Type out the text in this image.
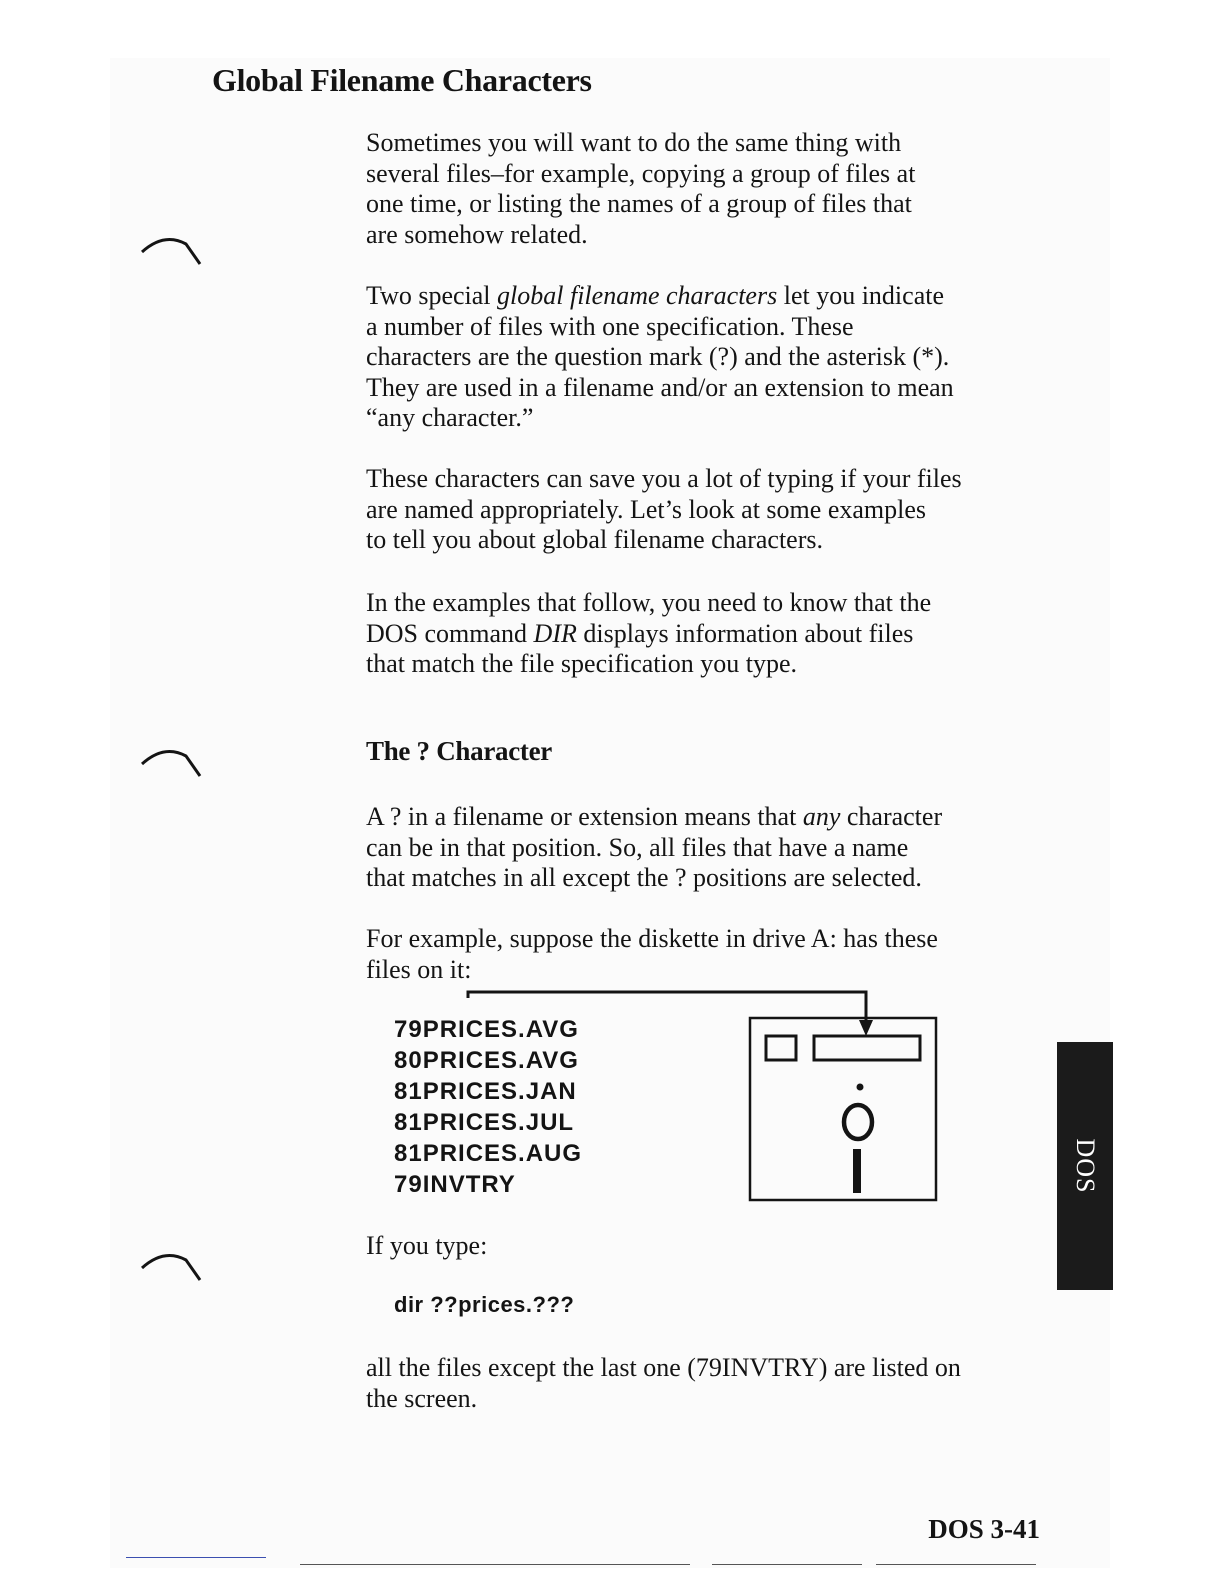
Global Filename Characters

Sometimes you will want to do the same thing with
several files–for example, copying a group of files at
one time, or listing the names of a group of files that
are somehow related.

Two special global filename characters let you indicate
a number of files with one specification. These
characters are the question mark (?) and the asterisk (*).
They are used in a filename and/or an extension to mean
“any character.”

These characters can save you a lot of typing if your files
are named appropriately. Let’s look at some examples
to tell you about global filename characters.

In the examples that follow, you need to know that the
DOS command DIR displays information about files
that match the file specification you type.

The ? Character

A ? in a filename or extension means that any character
can be in that position. So, all files that have a name
that matches in all except the ? positions are selected.

For example, suppose the diskette in drive A: has these
files on it:

79PRICES.AVG
80PRICES.AVG
81PRICES.JAN
81PRICES.JUL
81PRICES.AUG
79INVTRY

If you type:

dir ??prices.???

all the files except the last one (79INVTRY) are listed on
the screen.

DOS

DOS 3-41
